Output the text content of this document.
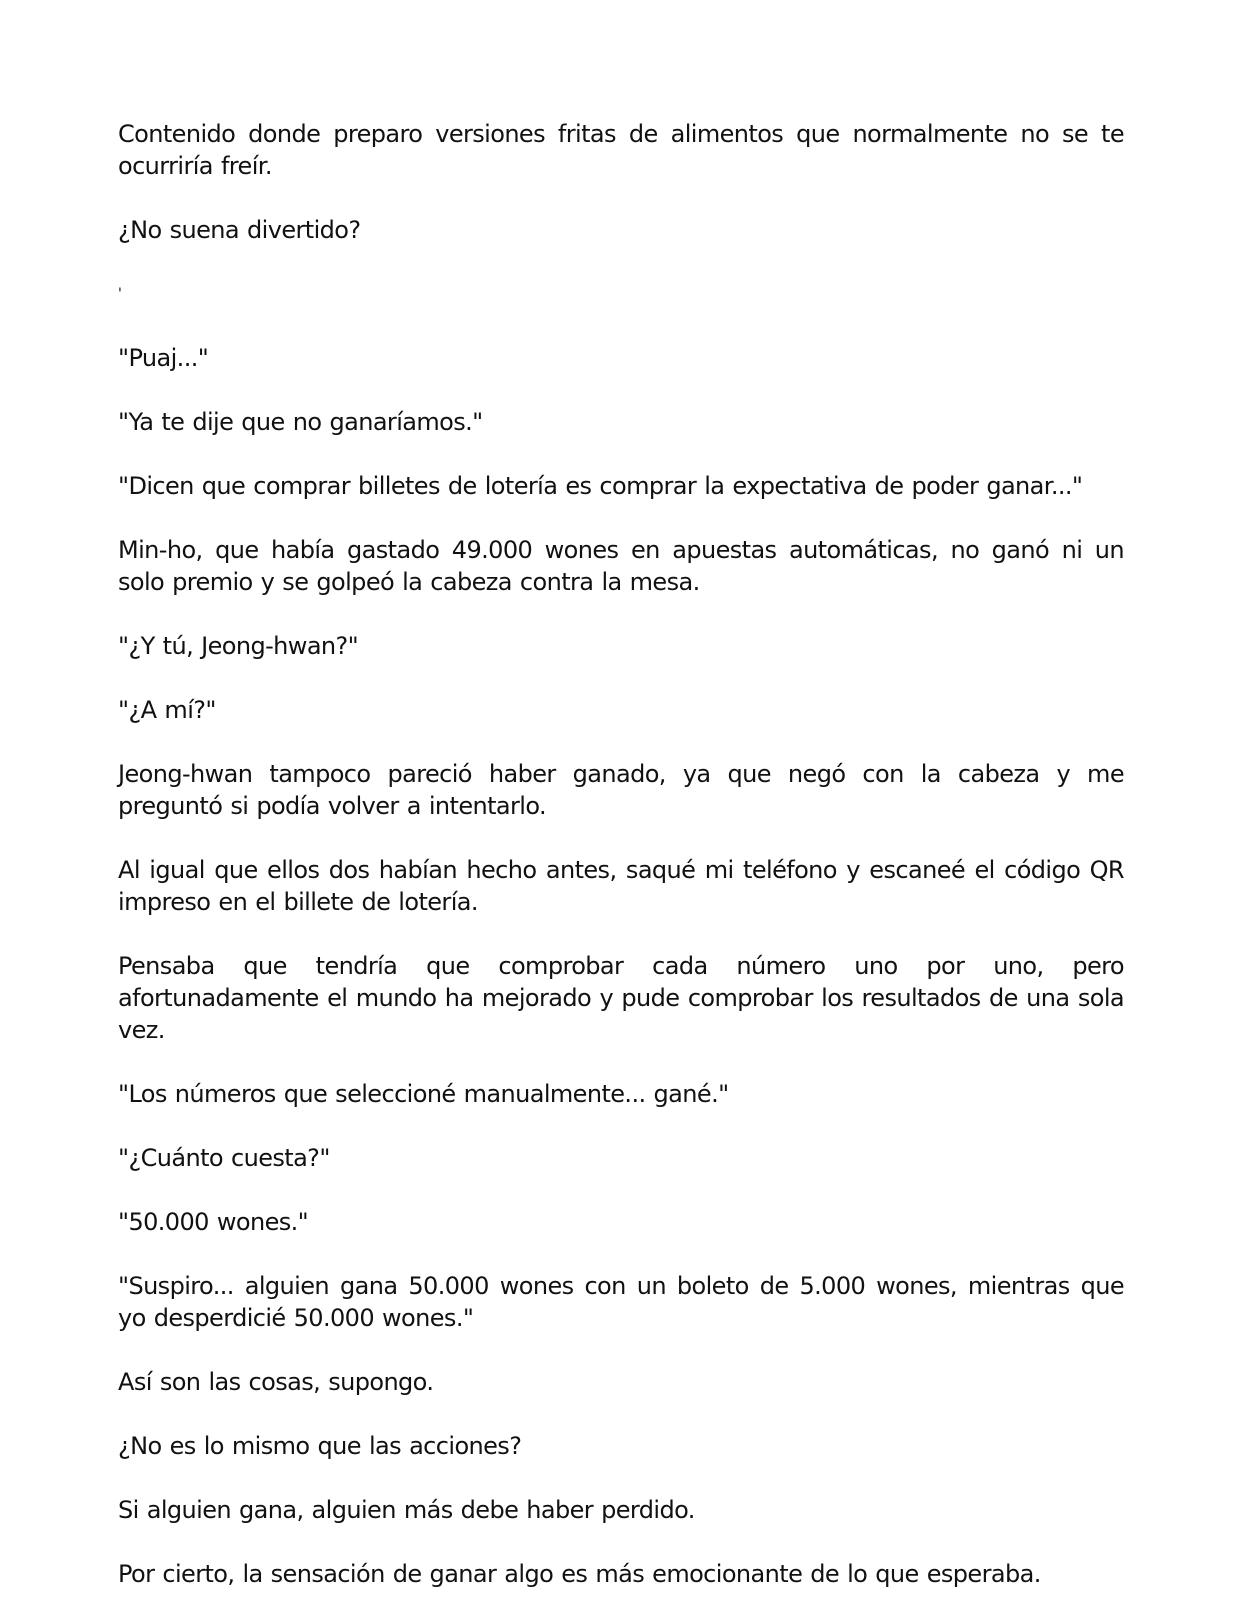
Contenido donde preparo versiones fritas de alimentos que normalmente no se te ocurriría freír.

¿No suena divertido?

'

"Puaj..."

"Ya te dije que no ganaríamos."

"Dicen que comprar billetes de lotería es comprar la expectativa de poder ganar..."

Min-ho, que había gastado 49.000 wones en apuestas automáticas, no ganó ni un solo premio y se golpeó la cabeza contra la mesa.

"¿Y tú, Jeong-hwan?"

"¿A mí?"

Jeong-hwan tampoco pareció haber ganado, ya que negó con la cabeza y me preguntó si podía volver a intentarlo.

Al igual que ellos dos habían hecho antes, saqué mi teléfono y escaneé el código QR impreso en el billete de lotería.

Pensaba que tendría que comprobar cada número uno por uno, pero afortunadamente el mundo ha mejorado y pude comprobar los resultados de una sola vez.

"Los números que seleccioné manualmente... gané."

"¿Cuánto cuesta?"

"50.000 wones."

"Suspiro... alguien gana 50.000 wones con un boleto de 5.000 wones, mientras que yo desperdicié 50.000 wones."

Así son las cosas, supongo.

¿No es lo mismo que las acciones?

Si alguien gana, alguien más debe haber perdido.

Por cierto, la sensación de ganar algo es más emocionante de lo que esperaba.
